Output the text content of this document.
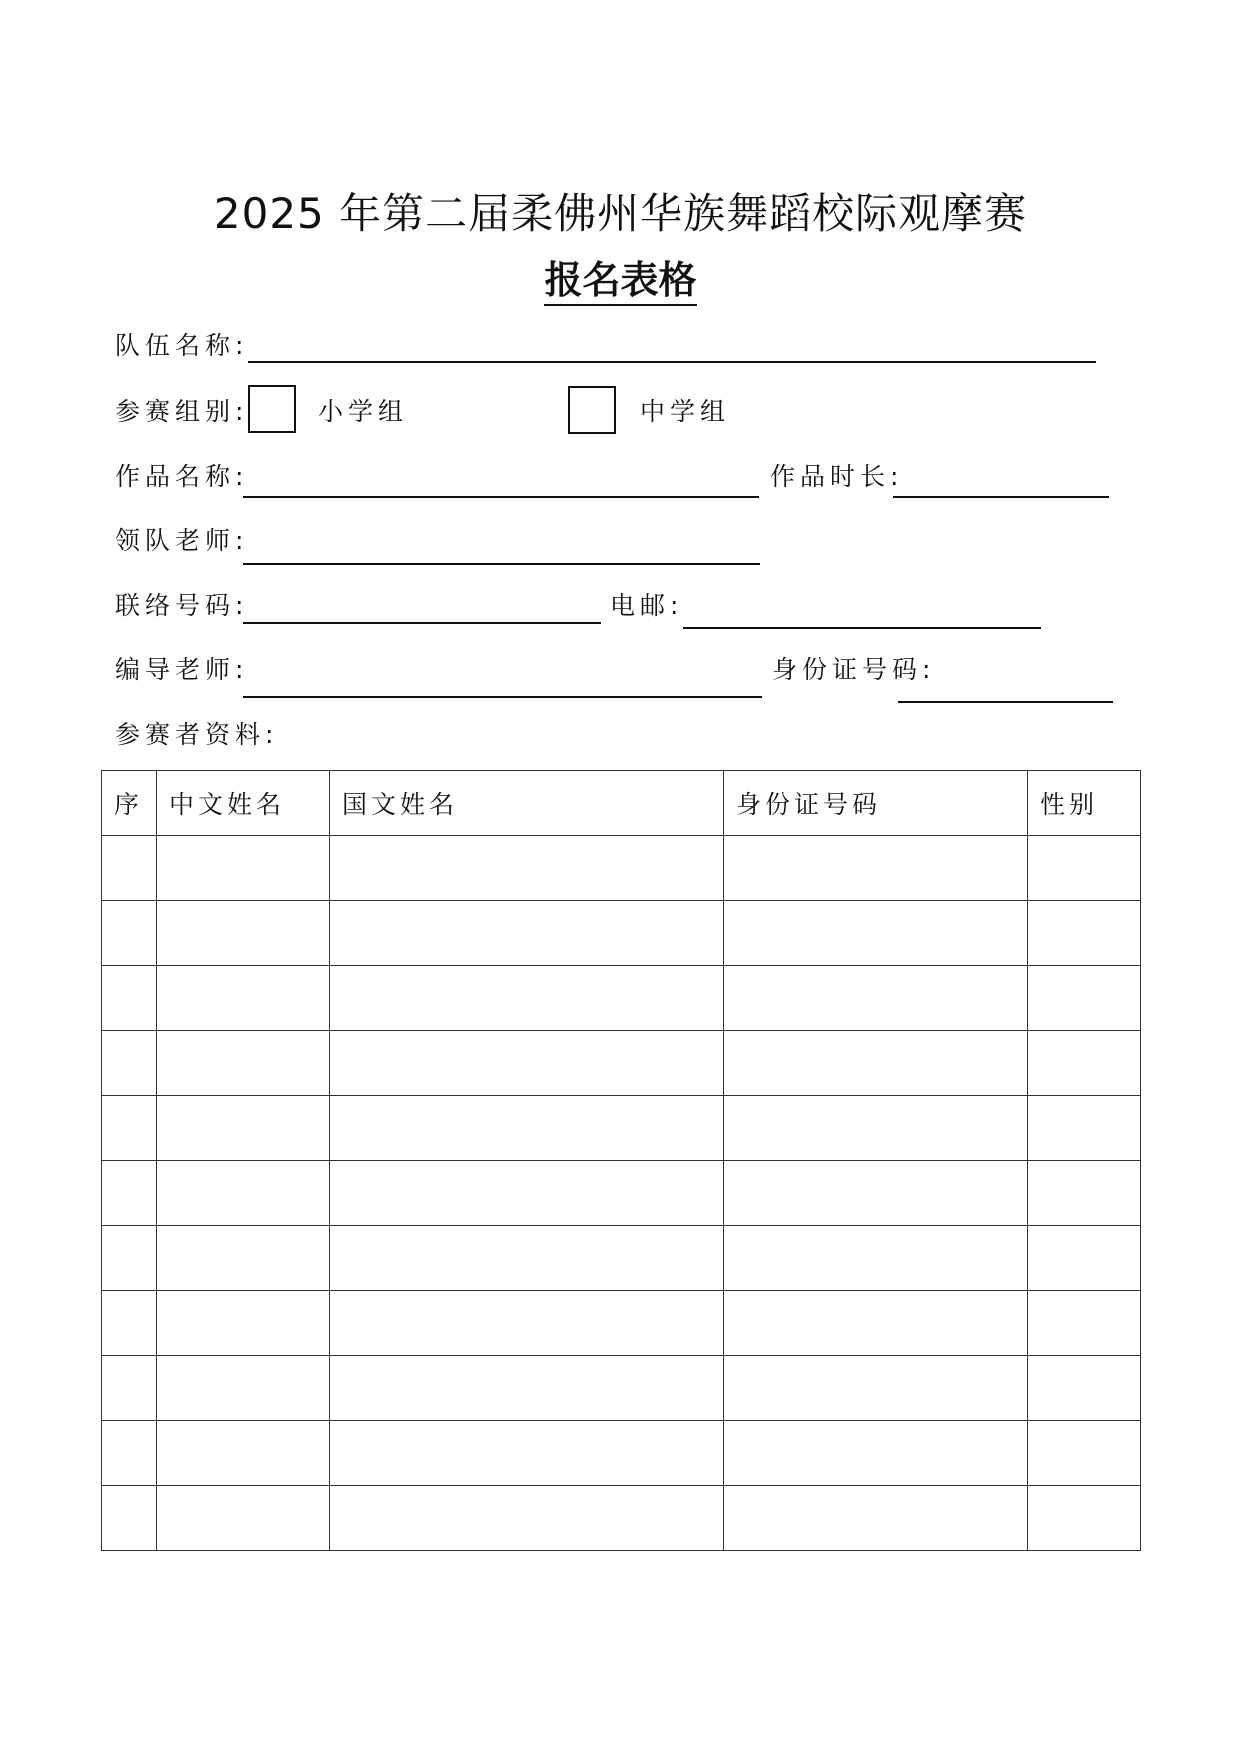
2025 年第二届柔佛州华族舞蹈校际观摩赛
报名表格
队伍名称:
参赛组别:	小学组	中学组
作品名称:	作品时长:
领队老师:
联络号码:	电邮:
编导老师:	身份证号码:
参赛者资料:
序	中文姓名	国文姓名	身份证号码	性别
